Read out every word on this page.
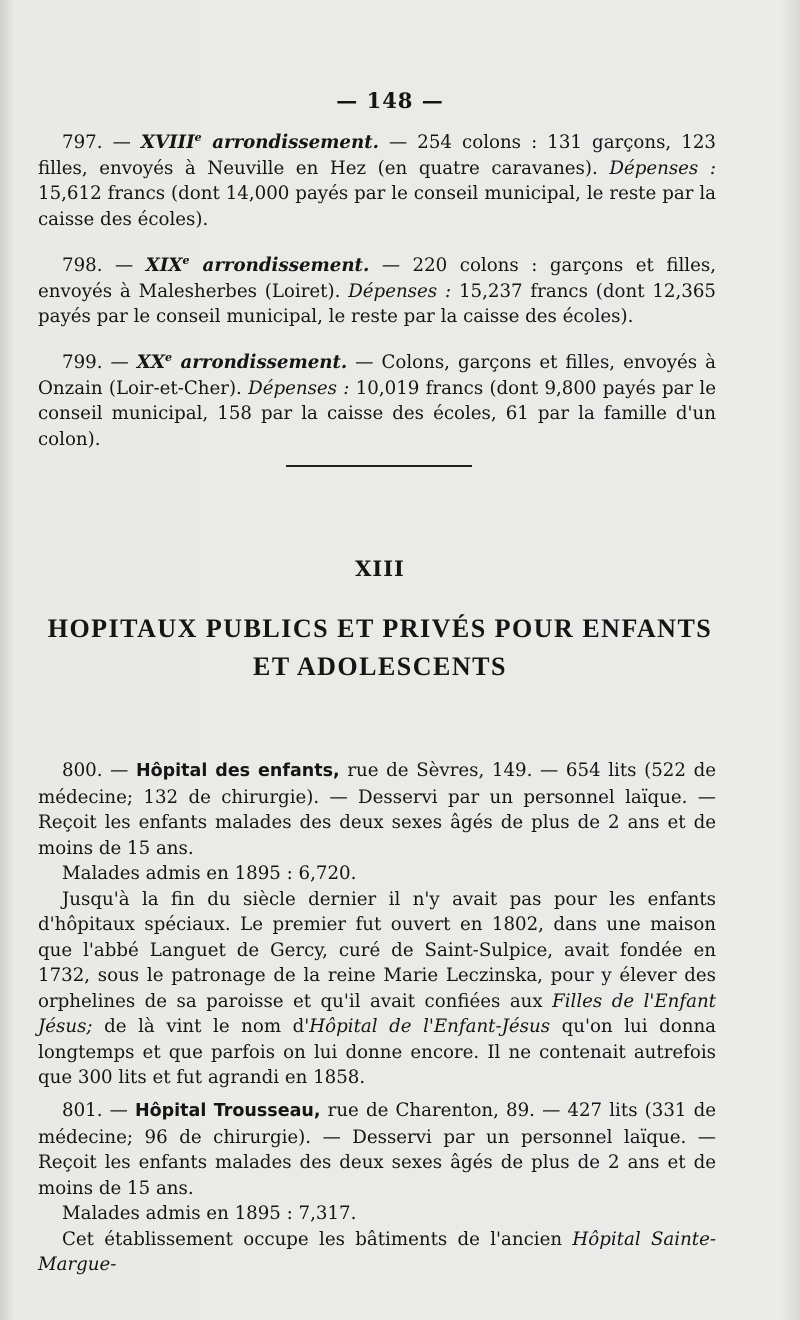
— 148 —

797. — XVIIIe arrondissement. — 254 colons : 131 garçons, 123 filles, envoyés à Neuville en Hez (en quatre caravanes). Dépenses : 15,612 francs (dont 14,000 payés par le conseil municipal, le reste par la caisse des écoles).

798. — XIXe arrondissement. — 220 colons : garçons et filles, envoyés à Malesherbes (Loiret). Dépenses : 15,237 francs (dont 12,365 payés par le conseil municipal, le reste par la caisse des écoles).

799. — XXe arrondissement. — Colons, garçons et filles, envoyés à Onzain (Loir-et-Cher). Dépenses : 10,019 francs (dont 9,800 payés par le conseil municipal, 158 par la caisse des écoles, 61 par la famille d'un colon).

XIII
HOPITAUX PUBLICS ET PRIVÉS POUR ENFANTS
ET ADOLESCENTS

800. — Hôpital des enfants, rue de Sèvres, 149. — 654 lits (522 de médecine; 132 de chirurgie). — Desservi par un personnel laïque. — Reçoit les enfants malades des deux sexes âgés de plus de 2 ans et de moins de 15 ans.

Malades admis en 1895 : 6,720.

Jusqu'à la fin du siècle dernier il n'y avait pas pour les enfants d'hôpitaux spéciaux. Le premier fut ouvert en 1802, dans une maison que l'abbé Languet de Gercy, curé de Saint-Sulpice, avait fondée en 1732, sous le patronage de la reine Marie Leczinska, pour y élever des orphelines de sa paroisse et qu'il avait confiées aux Filles de l'Enfant Jésus; de là vint le nom d'Hôpital de l'Enfant-Jésus qu'on lui donna longtemps et que parfois on lui donne encore. Il ne contenait autrefois que 300 lits et fut agrandi en 1858.

801. — Hôpital Trousseau, rue de Charenton, 89. — 427 lits (331 de médecine; 96 de chirurgie). — Desservi par un personnel laïque. — Reçoit les enfants malades des deux sexes âgés de plus de 2 ans et de moins de 15 ans.

Malades admis en 1895 : 7,317.

Cet établissement occupe les bâtiments de l'ancien Hôpital Sainte-Margue-
